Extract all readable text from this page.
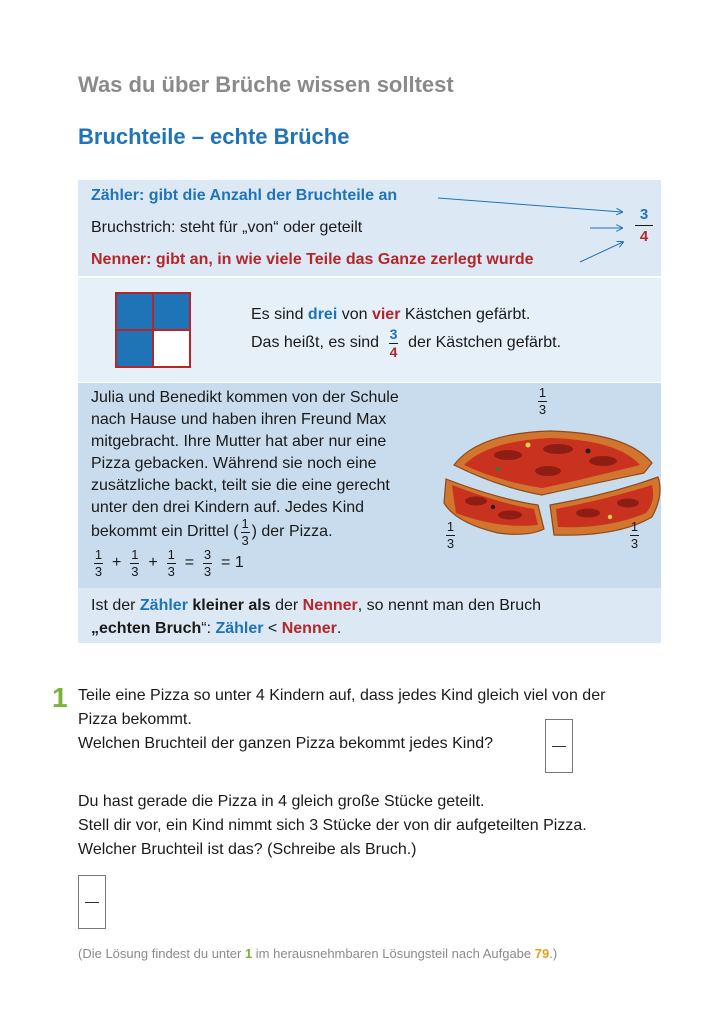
Was du über Brüche wissen solltest
Bruchteile – echte Brüche
Zähler: gibt die Anzahl der Bruchteile an
Bruchstrich: steht für „von“ oder geteilt
Nenner: gibt an, in wie viele Teile das Ganze zerlegt wurde
3
4
Es sind drei von vier Kästchen gefärbt.
Das heißt, es sind $\frac{3}{4}$ der Kästchen gefärbt.
Julia und Benedikt kommen von der Schule
nach Hause und haben ihren Freund Max
mitgebracht. Ihre Mutter hat aber nur eine
Pizza gebacken. Während sie noch eine
zusätzliche backt, teilt sie die eine gerecht
unter den drei Kindern auf. Jedes Kind
bekommt ein Drittel ( $\frac{1}{3}$ ) der Pizza.
$\frac{1}{3} + \frac{1}{3} + \frac{1}{3} = \frac{3}{3} = 1$
1
3
1
3
1
3
Ist der Zähler kleiner als der Nenner, so nennt man den Bruch
„echten Bruch“: Zähler < Nenner.
1 Teile eine Pizza so unter 4 Kindern auf, dass jedes Kind gleich viel von der
Pizza bekommt.
Welchen Bruchteil der ganzen Pizza bekommt jedes Kind?
Du hast gerade die Pizza in 4 gleich große Stücke geteilt.
Stell dir vor, ein Kind nimmt sich 3 Stücke der von dir aufgeteilten Pizza.
Welcher Bruchteil ist das? (Schreibe als Bruch.)
(Die Lösung findest du unter 1 im herausnehmbaren Lösungsteil nach Aufgabe 79.)
